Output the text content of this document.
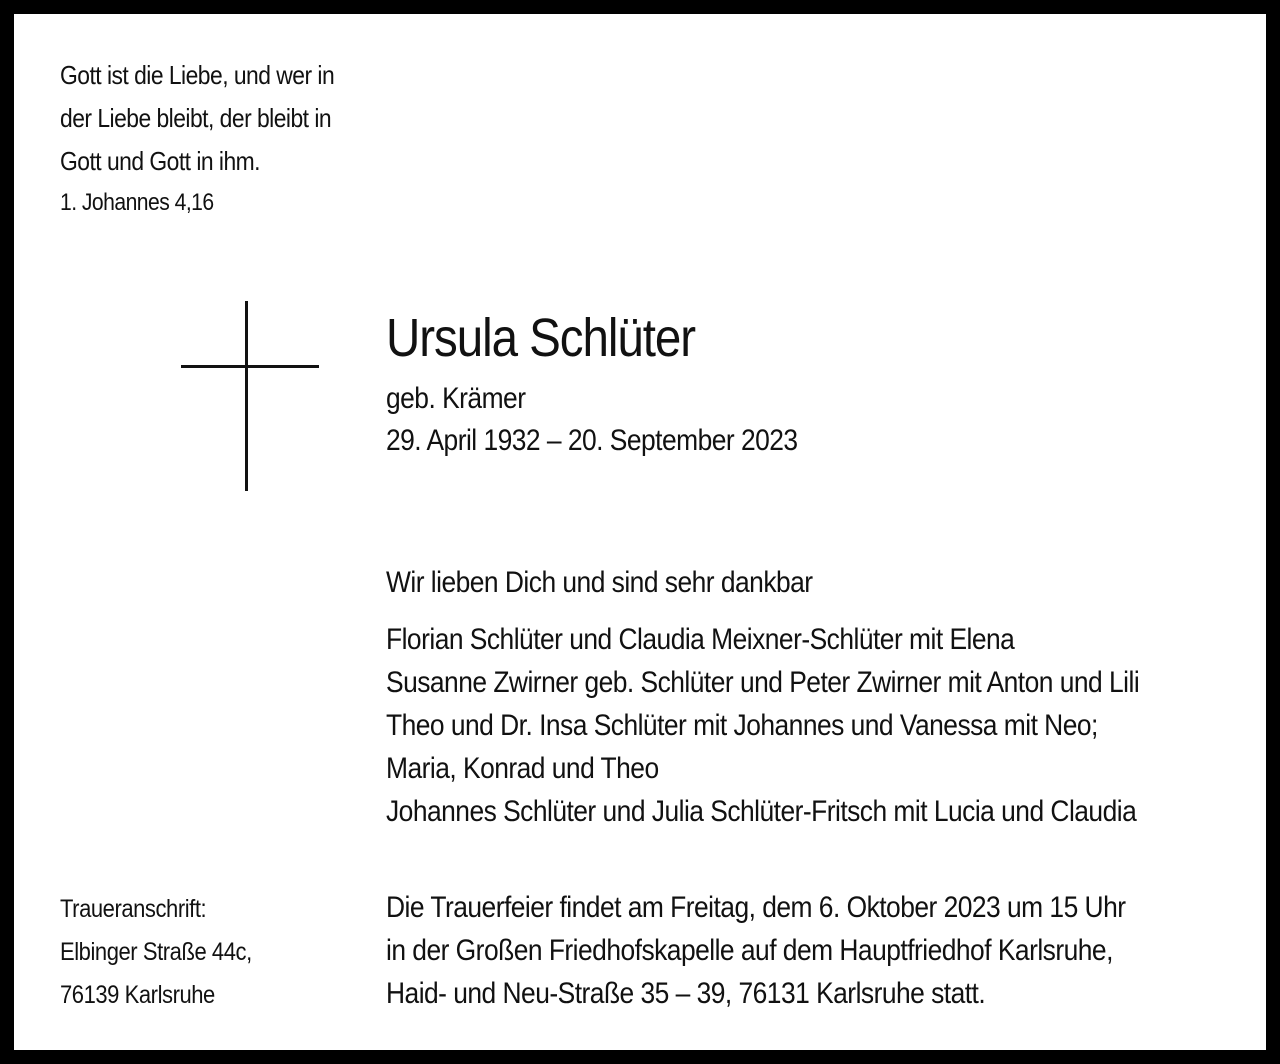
Gott ist die Liebe, und wer in
der Liebe bleibt, der bleibt in
Gott und Gott in ihm.
1. Johannes 4,16
Ursula Schlüter
geb. Krämer
29. April 1932 – 20. September 2023
Wir lieben Dich und sind sehr dankbar
Florian Schlüter und Claudia Meixner-Schlüter mit Elena
Susanne Zwirner geb. Schlüter und Peter Zwirner mit Anton und Lili
Theo und Dr. Insa Schlüter mit Johannes und Vanessa mit Neo;
Maria, Konrad und Theo
Johannes Schlüter und Julia Schlüter-Fritsch mit Lucia und Claudia
Traueranschrift:
Elbinger Straße 44c,
76139 Karlsruhe
Die Trauerfeier findet am Freitag, dem 6. Oktober 2023 um 15 Uhr
in der Großen Friedhofskapelle auf dem Hauptfriedhof Karlsruhe,
Haid- und Neu-Straße 35 – 39, 76131 Karlsruhe statt.
